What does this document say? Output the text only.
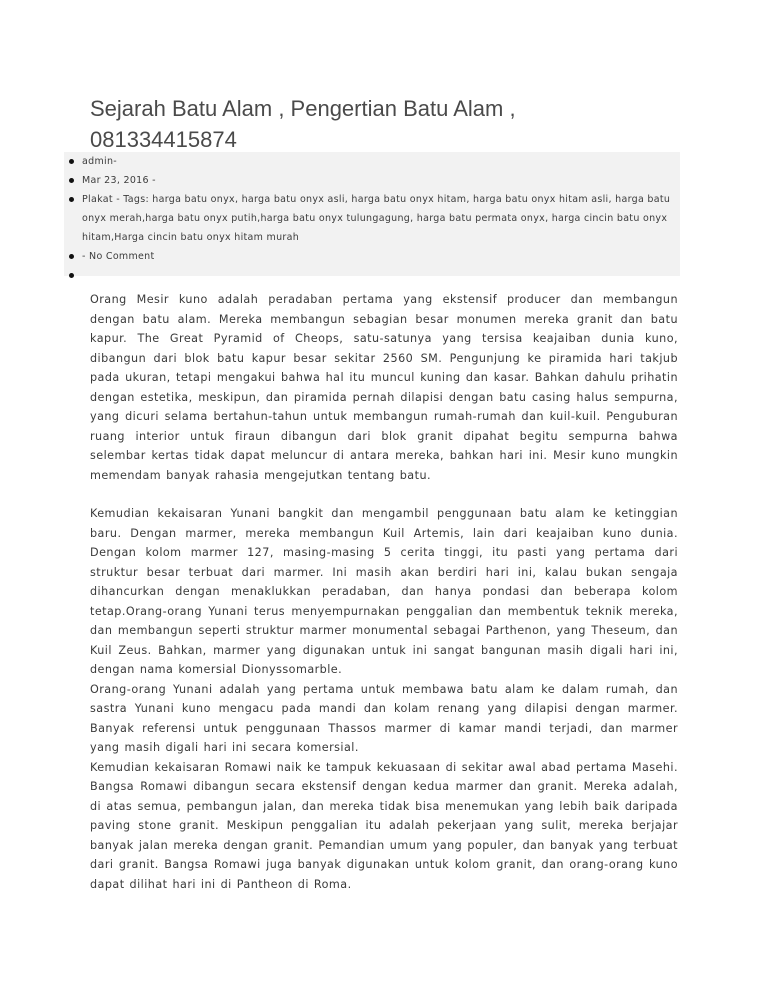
Sejarah Batu Alam , Pengertian Batu Alam , 081334415874
admin-
Mar 23, 2016 -
Plakat - Tags: harga batu onyx, harga batu onyx asli, harga batu onyx hitam, harga batu onyx hitam asli, harga batu onyx merah,harga batu onyx putih,harga batu onyx tulungagung, harga batu permata onyx, harga cincin batu onyx hitam,Harga cincin batu onyx hitam murah
- No Comment

Orang Mesir kuno adalah peradaban pertama yang ekstensif producer dan membangun dengan batu alam. Mereka membangun sebagian besar monumen mereka granit dan batu kapur. The Great Pyramid of Cheops, satu-satunya yang tersisa keajaiban dunia kuno, dibangun dari blok batu kapur besar sekitar 2560 SM. Pengunjung ke piramida hari takjub pada ukuran, tetapi mengakui bahwa hal itu muncul kuning dan kasar. Bahkan dahulu prihatin dengan estetika, meskipun, dan piramida pernah dilapisi dengan batu casing halus sempurna, yang dicuri selama bertahun-tahun untuk membangun rumah-rumah dan kuil-kuil. Penguburan ruang interior untuk firaun dibangun dari blok granit dipahat begitu sempurna bahwa selembar kertas tidak dapat meluncur di antara mereka, bahkan hari ini. Mesir kuno mungkin memendam banyak rahasia mengejutkan tentang batu.

Kemudian kekaisaran Yunani bangkit dan mengambil penggunaan batu alam ke ketinggian baru. Dengan marmer, mereka membangun Kuil Artemis, lain dari keajaiban kuno dunia. Dengan kolom marmer 127, masing-masing 5 cerita tinggi, itu pasti yang pertama dari struktur besar terbuat dari marmer. Ini masih akan berdiri hari ini, kalau bukan sengaja dihancurkan dengan menaklukkan peradaban, dan hanya pondasi dan beberapa kolom tetap.Orang-orang Yunani terus menyempurnakan penggalian dan membentuk teknik mereka, dan membangun seperti struktur marmer monumental sebagai Parthenon, yang Theseum, dan Kuil Zeus. Bahkan, marmer yang digunakan untuk ini sangat bangunan masih digali hari ini, dengan nama komersial Dionyssomarble.

Orang-orang Yunani adalah yang pertama untuk membawa batu alam ke dalam rumah, dan sastra Yunani kuno mengacu pada mandi dan kolam renang yang dilapisi dengan marmer. Banyak referensi untuk penggunaan Thassos marmer di kamar mandi terjadi, dan marmer yang masih digali hari ini secara komersial.

Kemudian kekaisaran Romawi naik ke tampuk kekuasaan di sekitar awal abad pertama Masehi. Bangsa Romawi dibangun secara ekstensif dengan kedua marmer dan granit. Mereka adalah, di atas semua, pembangun jalan, dan mereka tidak bisa menemukan yang lebih baik daripada paving stone granit. Meskipun penggalian itu adalah pekerjaan yang sulit, mereka berjajar banyak jalan mereka dengan granit. Pemandian umum yang populer, dan banyak yang terbuat dari granit. Bangsa Romawi juga banyak digunakan untuk kolom granit, dan orang-orang kuno dapat dilihat hari ini di Pantheon di Roma.
